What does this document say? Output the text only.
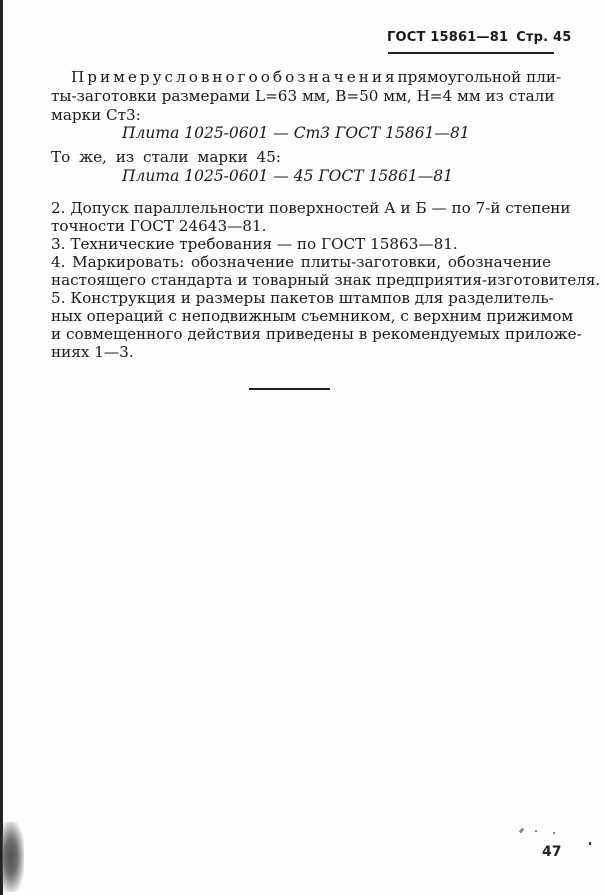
ГОСТ 15861—81 Стр. 45
Пример условного обозначения прямоугольной пли-
ты-заготовки размерами L=63 мм, B=50 мм, H=4 мм из стали
марки Ст3:
Плита 1025-0601 — Ст3 ГОСТ 15861—81
То же, из стали марки 45:
Плита 1025-0601 — 45 ГОСТ 15861—81
2. Допуск параллельности поверхностей А и Б — по 7-й степени
точности ГОСТ 24643—81.
3. Технические требования — по ГОСТ 15863—81.
4. Маркировать: обозначение плиты-заготовки, обозначение
настоящего стандарта и товарный знак предприятия-изготовителя.
5. Конструкция и размеры пакетов штампов для разделитель-
ных операций с неподвижным съемником, с верхним прижимом
и совмещенного действия приведены в рекомендуемых приложе-
ниях 1—3.
47
